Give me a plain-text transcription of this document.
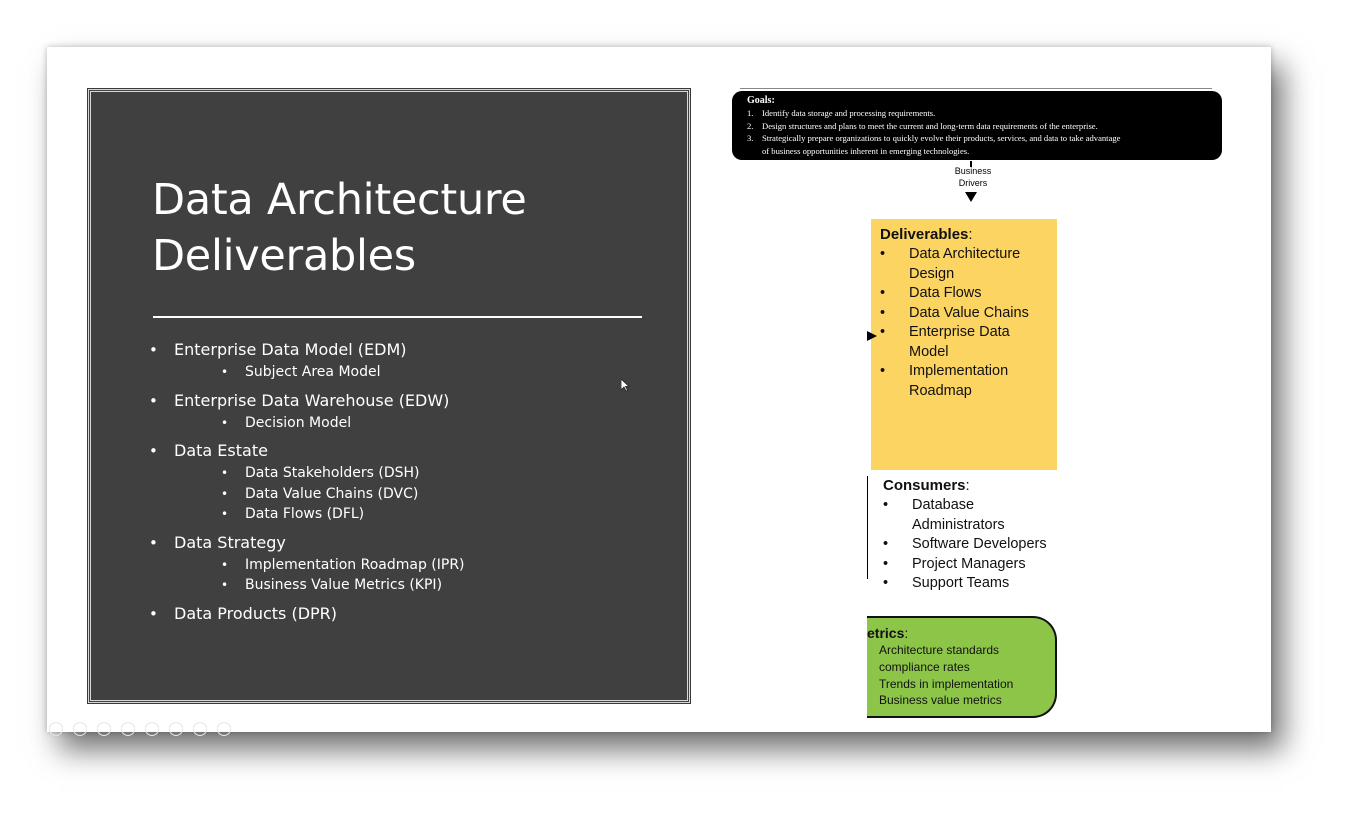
Data Architecture
Deliverables
• Enterprise Data Model (EDM)
• Subject Area Model
• Enterprise Data Warehouse (EDW)
• Decision Model
• Data Estate
• Data Stakeholders (DSH)
• Data Value Chains (DVC)
• Data Flows (DFL)
• Data Strategy
• Implementation Roadmap (IPR)
• Business Value Metrics (KPI)
• Data Products (DPR)
Goals:
1. Identify data storage and processing requirements.
2. Design structures and plans to meet the current and long-term data requirements of the enterprise.
3. Strategically prepare organizations to quickly evolve their products, services, and data to take advantage
of business opportunities inherent in emerging technologies.
Business
Drivers
Deliverables:
• Data Architecture Design
• Data Flows
• Data Value Chains
• Enterprise Data Model
• Implementation Roadmap
Consumers:
• Database Administrators
• Software Developers
• Project Managers
• Support Teams
etrics:
Architecture standards
compliance rates
Trends in implementation
Business value metrics
